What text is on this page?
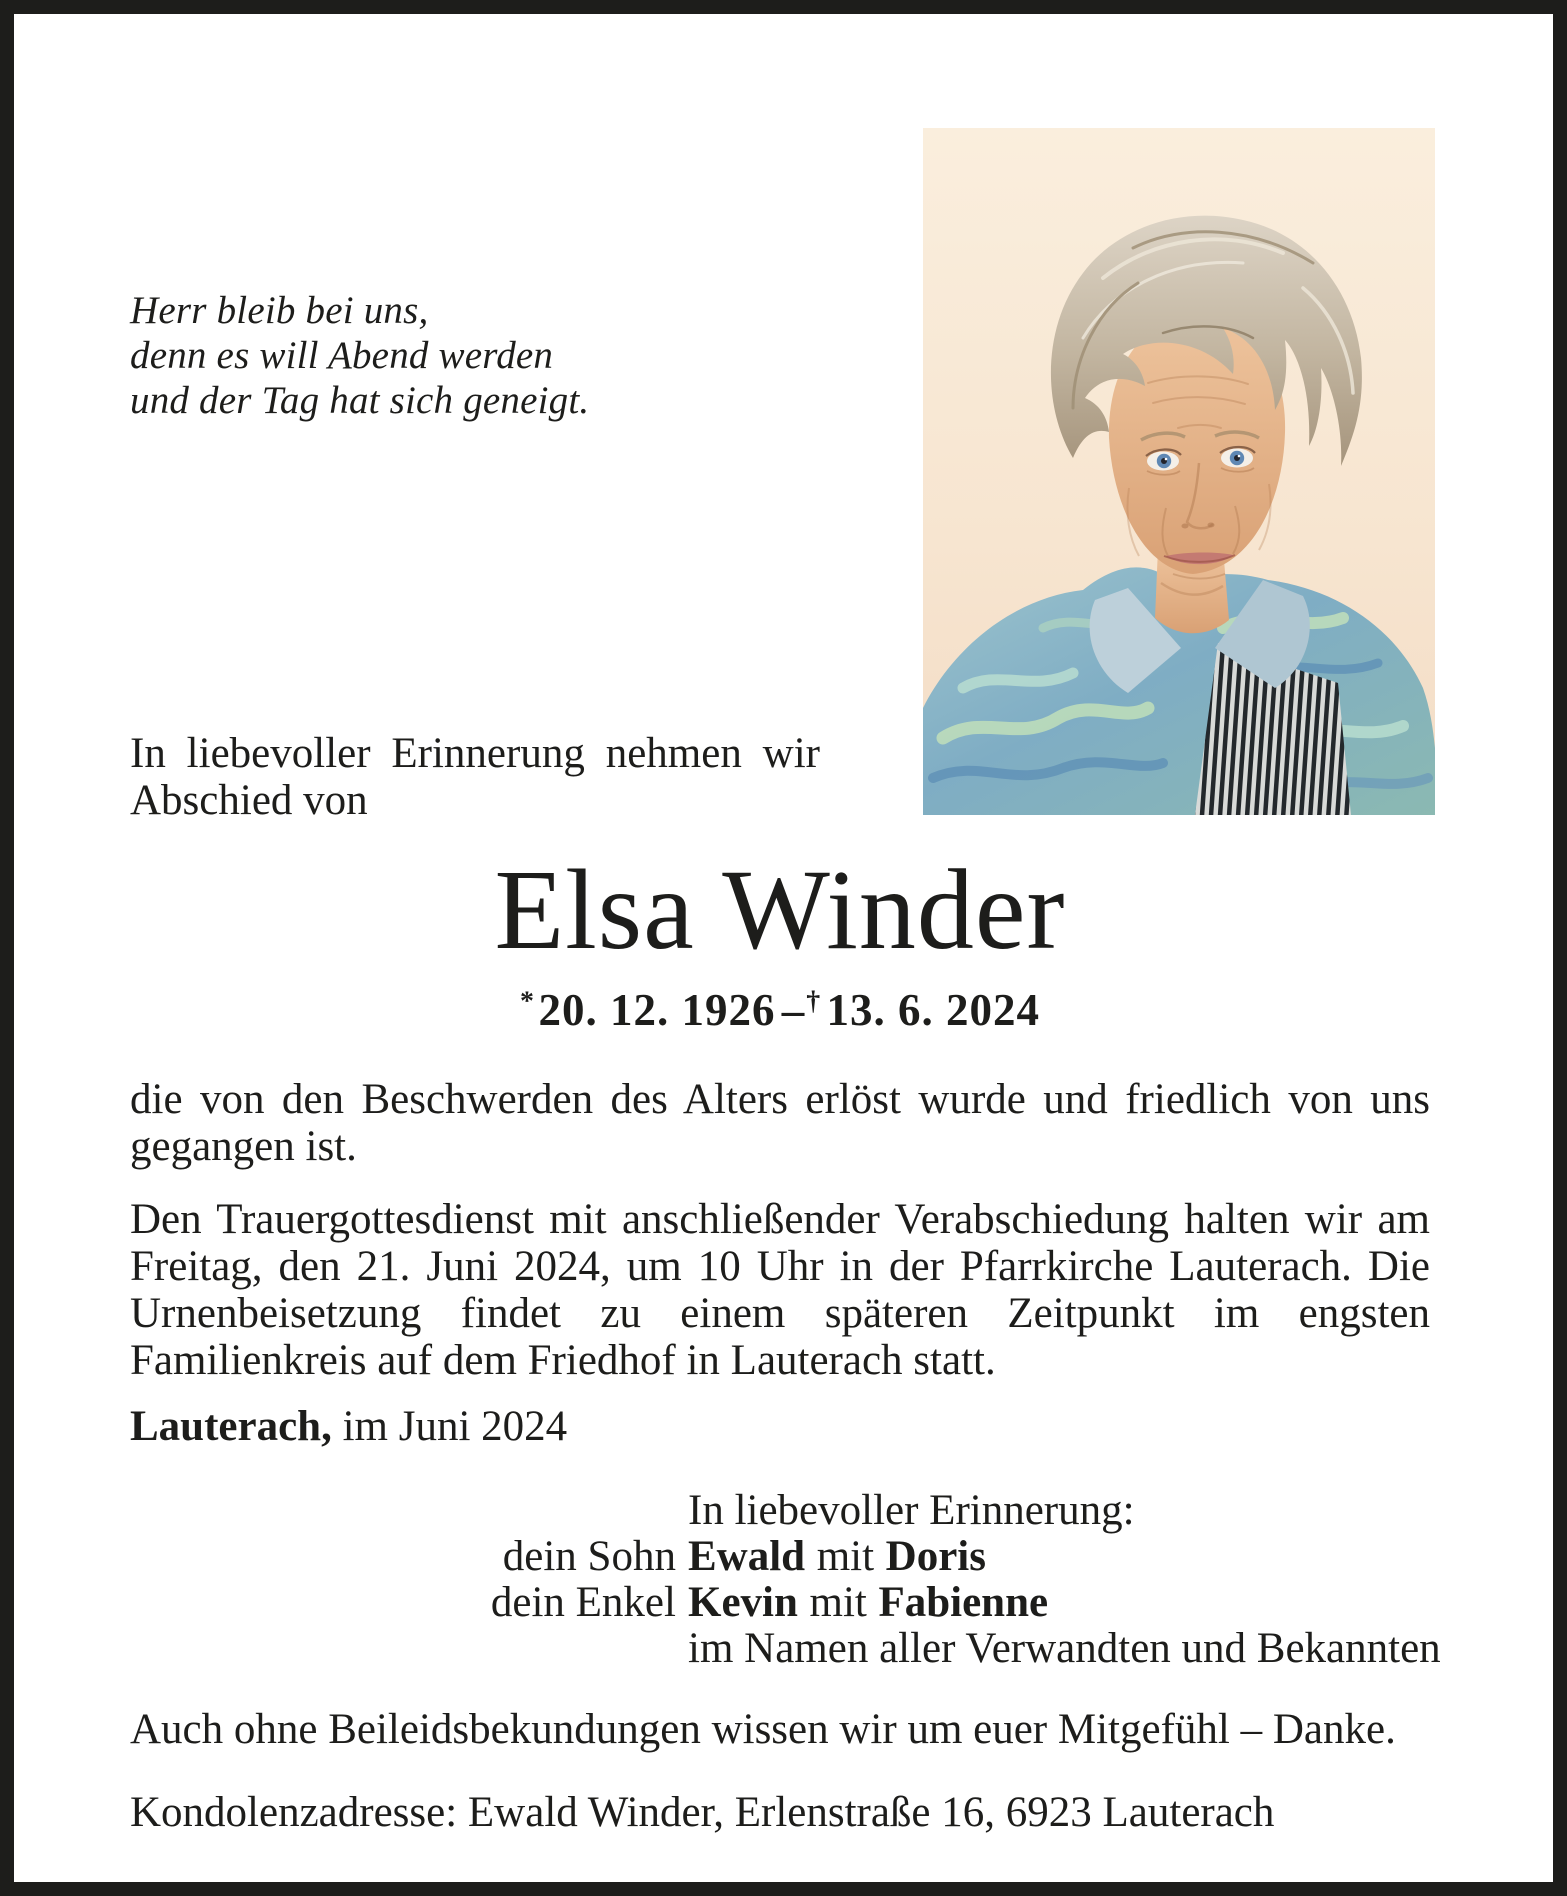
Herr bleib bei uns,
denn es will Abend werden
und der Tag hat sich geneigt.
In liebevoller Erinnerung nehmen wir Abschied von
Elsa Winder
*20. 12. 1926 –† 13. 6. 2024

die von den Beschwerden des Alters erlöst wurde und friedlich von uns gegangen ist.

Den Trauergottesdienst mit anschließender Verabschiedung halten wir am Freitag, den 21. Juni 2024, um 10 Uhr in der Pfarrkirche Lauterach. Die Urnenbeisetzung findet zu einem späteren Zeitpunkt im engsten Familienkreis auf dem Friedhof in Lauterach statt.

Lauterach, im Juni 2024
In liebevoller Erinnerung:
dein Sohn Ewald mit Doris
dein Enkel Kevin mit Fabienne
im Namen aller Verwandten und Bekannten
Auch ohne Beileidsbekundungen wissen wir um euer Mitgefühl – Danke.
Kondolenzadresse: Ewald Winder, Erlenstraße 16, 6923 Lauterach
